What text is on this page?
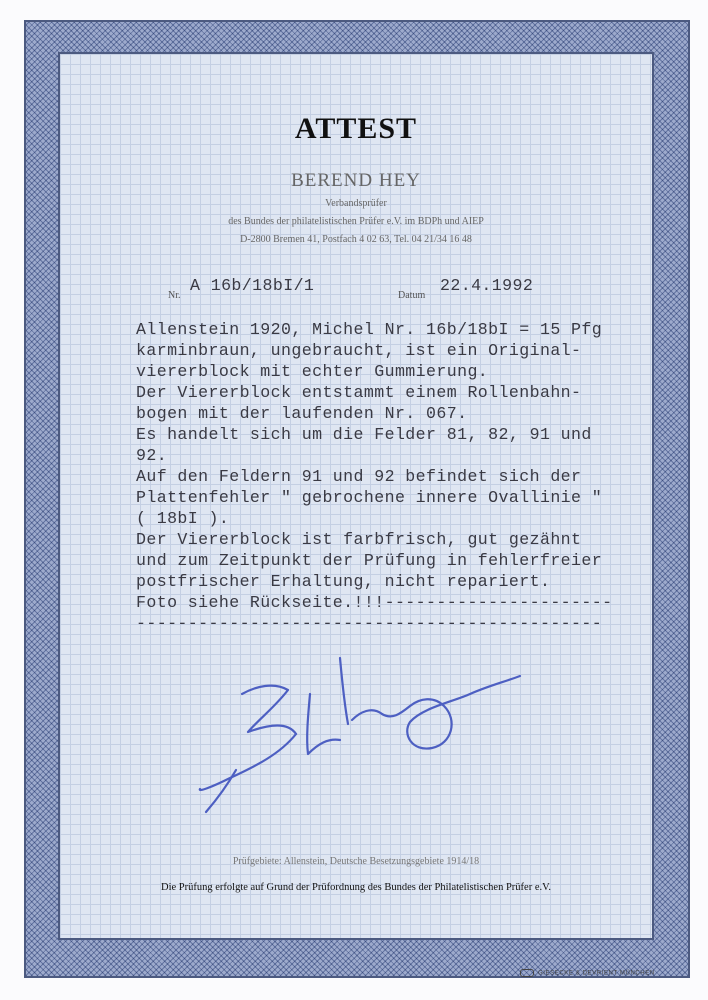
ATTEST
BEREND HEY
Verbandsprüfer
des Bundes der philatelistischen Prüfer e.V. im BDPh und AIEP
D-2800 Bremen 41, Postfach 4 02 63, Tel. 04 21/34 16 48
Nr.
A 16b/18bI/1
Datum
22.4.1992
Allenstein 1920, Michel Nr. 16b/18bI = 15 Pfg
karminbraun, ungebraucht, ist ein Original-
viererblock mit echter Gummierung.
Der Viererblock entstammt einem Rollenbahn-
bogen mit der laufenden Nr. 067.
Es handelt sich um die Felder 81, 82, 91 und
92.
Auf den Feldern 91 und 92 befindet sich der
Plattenfehler " gebrochene innere Ovallinie "
( 18bI ).
Der Viererblock ist farbfrisch, gut gezähnt
und zum Zeitpunkt der Prüfung in fehlerfreier
postfrischer Erhaltung, nicht repariert.
Foto siehe Rückseite.!!!----------------------
---------------------------------------------
Prüfgebiete: Allenstein, Deutsche Besetzungsgebiete 1914/18
Die Prüfung erfolgte auf Grund der Prüfordnung des Bundes der Philatelistischen Prüfer e.V.
GIESECKE & DEVRIENT MÜNCHEN
